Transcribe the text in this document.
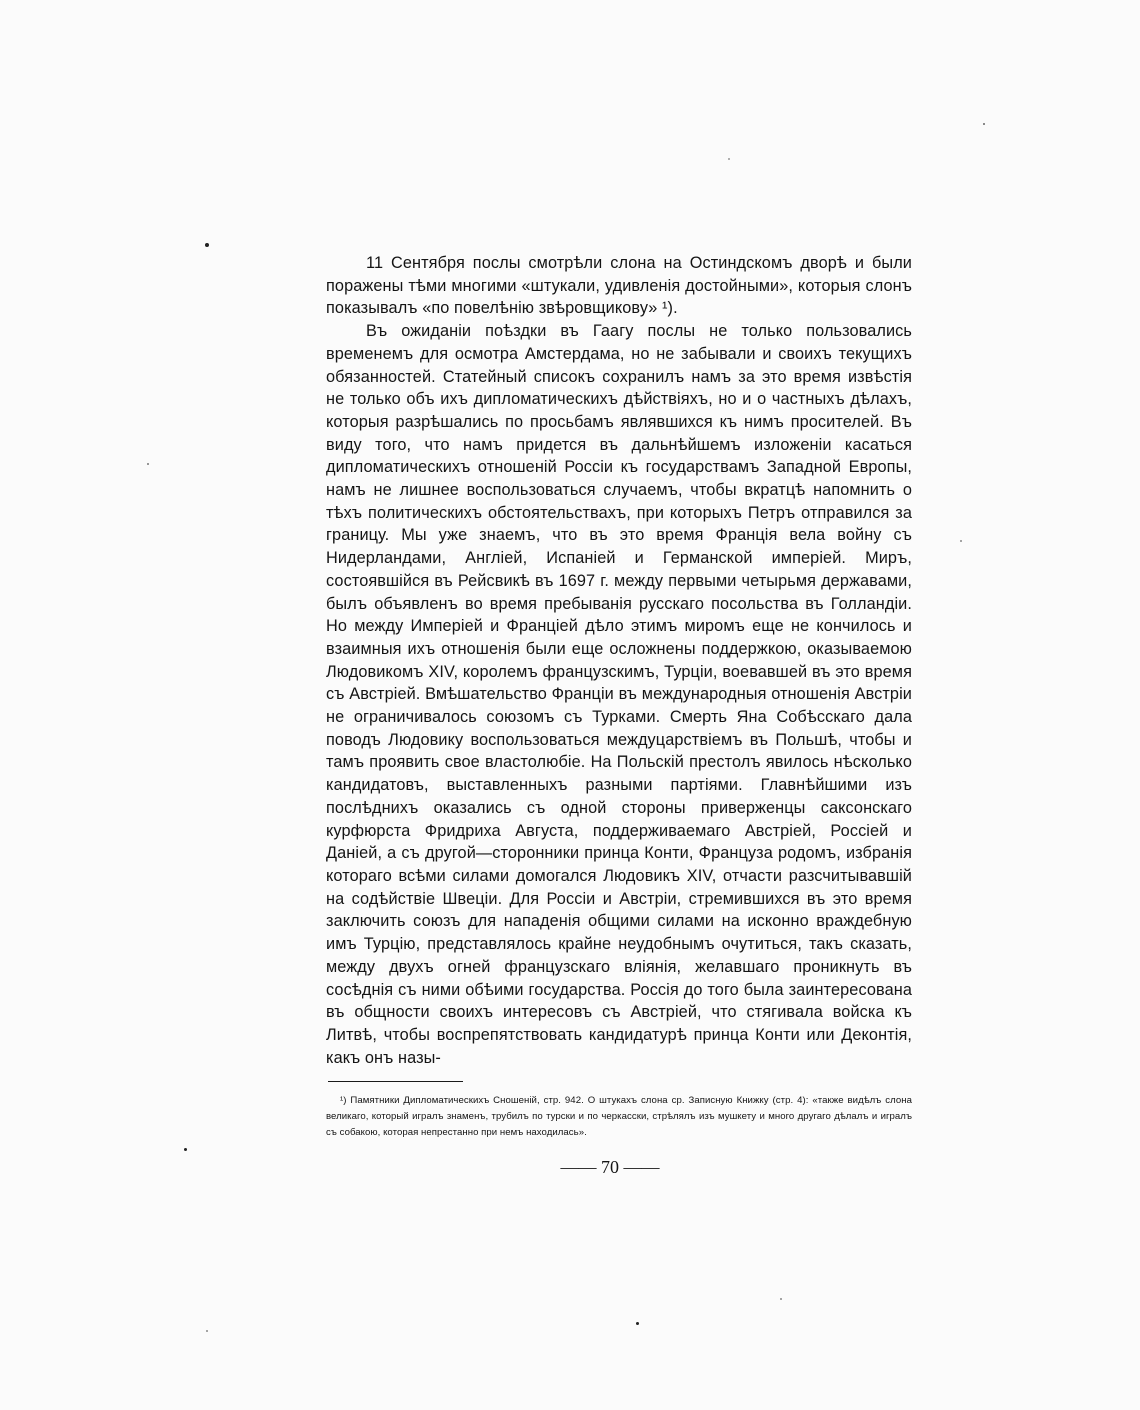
11 Сентября послы смотрѣли слона на Остиндскомъ дворѣ и были поражены тѣми многими «штукали, удивленія достойными», которыя слонъ показывалъ «по повелѣнію звѣровщикову» ¹).

Въ ожиданіи поѣздки въ Гаагу послы не только пользовались временемъ для осмотра Амстердама, но не забывали и своихъ текущихъ обязанностей. Статейный списокъ сохранилъ намъ за это время извѣстія не только объ ихъ дипломатическихъ дѣйствіяхъ, но и о частныхъ дѣлахъ, которыя разрѣшались по просьбамъ являвшихся къ нимъ просителей. Въ виду того, что намъ придется въ дальнѣйшемъ изложеніи касаться дипломатическихъ отношеній Россіи къ государствамъ Западной Европы, намъ не лишнее воспользоваться случаемъ, чтобы вкратцѣ напомнить о тѣхъ политическихъ обстоятельствахъ, при которыхъ Петръ отправился за границу. Мы уже знаемъ, что въ это время Франція вела войну съ Нидерландами, Англіей, Испаніей и Германской имперіей. Миръ, состоявшійся въ Рейсвикѣ въ 1697 г. между первыми четырьмя державами, былъ объявленъ во время пребыванія русскаго посольства въ Голландіи. Но между Имперіей и Франціей дѣло этимъ миромъ еще не кончилось и взаимныя ихъ отношенія были еще осложнены поддержкою, оказываемою Людовикомъ XIV, королемъ французскимъ, Турціи, воевавшей въ это время съ Австріей. Вмѣшательство Франціи въ международныя отношенія Австріи не ограничивалось союзомъ съ Турками. Смерть Яна Собѣсскаго дала поводъ Людовику воспользоваться междуцарствіемъ въ Польшѣ, чтобы и тамъ проявить свое властолюбіе. На Польскій престолъ явилось нѣсколько кандидатовъ, выставленныхъ разными партіями. Главнѣйшими изъ послѣднихъ оказались съ одной стороны приверженцы саксонскаго курфюрста Фридриха Августа, поддерживаемаго Австріей, Россіей и Даніей, а съ другой—сторонники принца Конти, Француза родомъ, избранія котораго всѣми силами домогался Людовикъ XIV, отчасти разсчитывавшій на содѣйствіе Швеціи. Для Россіи и Австріи, стремившихся въ это время заключить союзъ для нападенія общими силами на исконно враждебную имъ Турцію, представлялось крайне неудобнымъ очутиться, такъ сказать, между двухъ огней французскаго вліянія, желавшаго проникнуть въ сосѣднія съ ними обѣими государства. Россія до того была заинтересована въ общности своихъ интересовъ съ Австріей, что стягивала войска къ Литвѣ, чтобы воспрепятствовать кандидатурѣ принца Конти или Деконтія, какъ онъ назы-

¹) Памятники Дипломатическихъ Сношеній, стр. 942. О штукахъ слона ср. Записную Книжку (стр. 4): «также видѣлъ слона великаго, который игралъ знаменъ, трубилъ по турски и по черкасски, стрѣлялъ изъ мушкету и много другаго дѣлалъ и игралъ съ собакою, которая непрестанно при немъ находилась».

—— 70 ——
